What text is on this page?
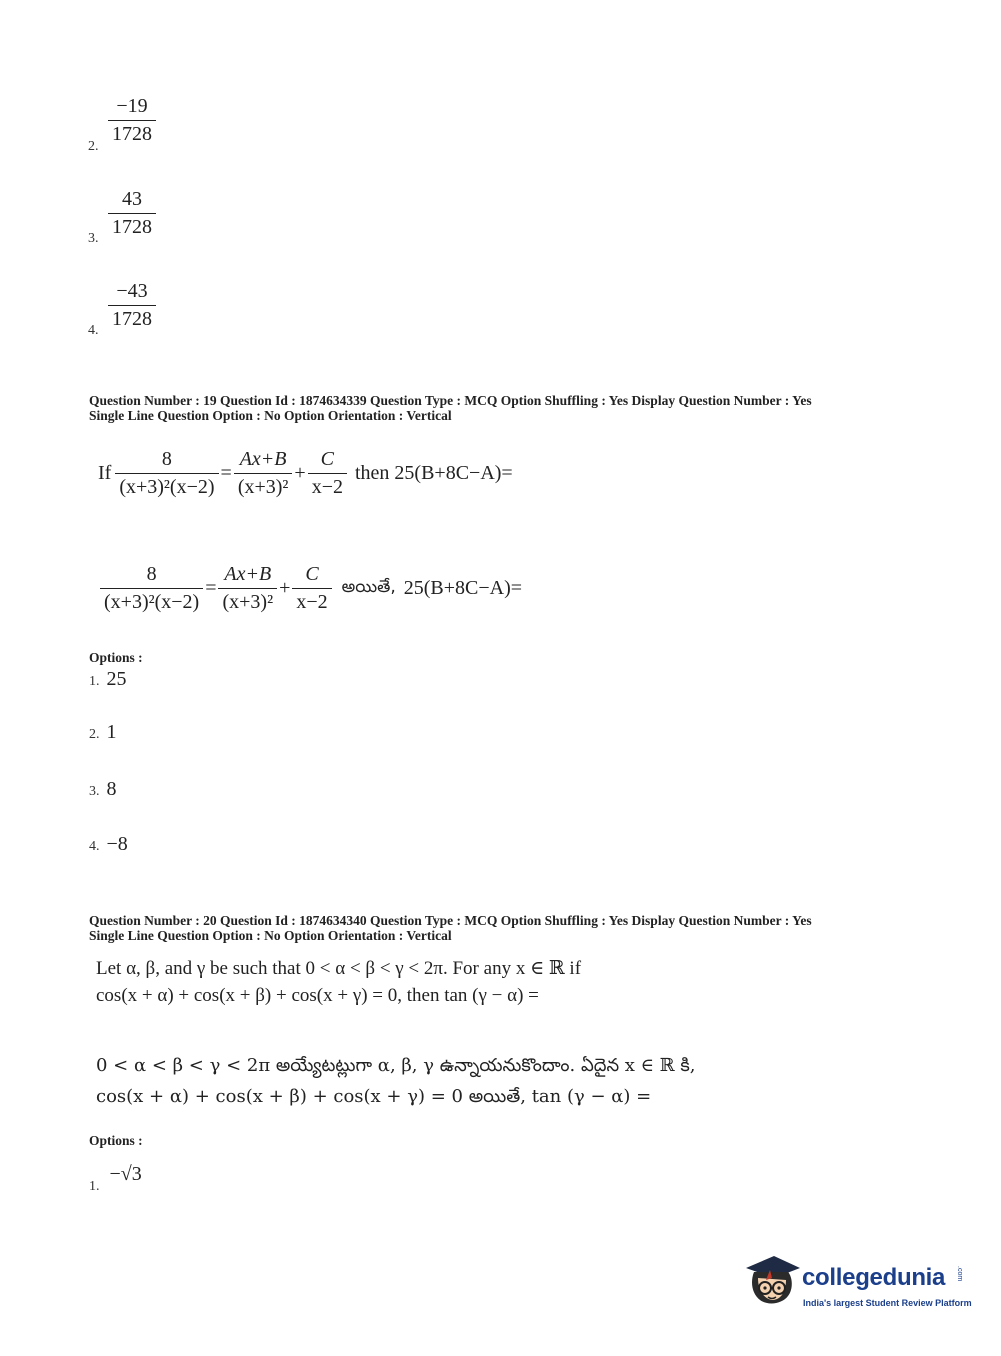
2.
$\frac{-19}{1728}$
3. $\frac{43}{1728}$
4. $\frac{-43}{1728}$
Question Number : 19 Question Id : 1874634339 Question Type : MCQ Option Shuffling : Yes Display Question Number : Yes
Single Line Question Option : No Option Orientation : Vertical
If $\frac{8}{\text{(x+3)²(x−2)}} = \frac{Ax+B}{\text{(x+3)²}} + \frac{C}{x-2}$ then 25(B+8C−A)=
$\frac{8}{\text{(x+3)²(x−2)}} = \frac{Ax+B}{\text{(x+3)²}} + \frac{C}{x-2}$ అయితే, 25(B+8C−A)=
Options :
1. 25
2. 1
3. 8
4. −8
Question Number : 20 Question Id : 1874634340 Question Type : MCQ Option Shuffling : Yes Display Question Number : Yes
Single Line Question Option : No Option Orientation : Vertical
Let α, β, and γ be such that 0 < α < β < γ < 2π. For any x ∈ ℝ if
cos(x + α) + cos(x + β) + cos(x + γ) = 0, then tan (γ − α) =
0 < α < β < γ < 2π అయ్యేటట్లుగా α, β, γ ఉన్నాయనుకొందాం. ఏదైన x ∈ ℝ కి,
cos(x + α) + cos(x + β) + cos(x + γ) = 0 అయితే, tan (γ − α) =
Options :
1. −√3
collegedunia .com
India's largest Student Review Platform
